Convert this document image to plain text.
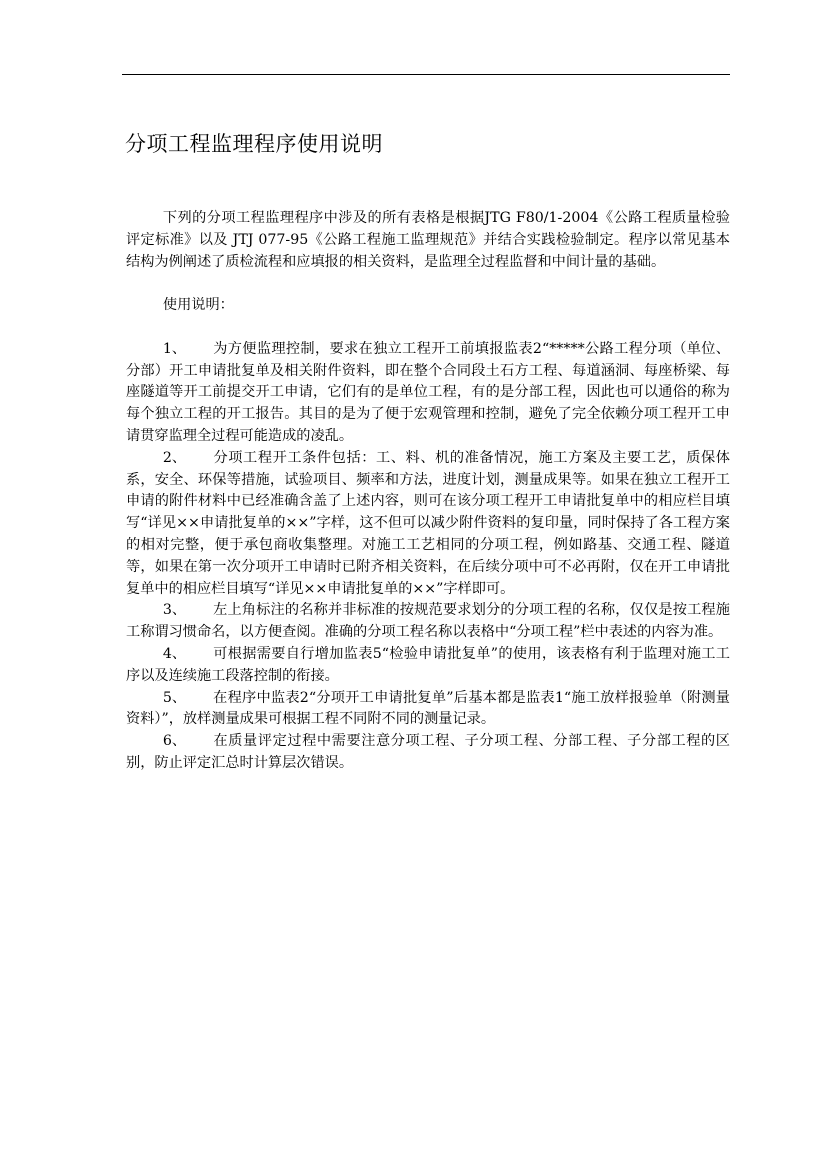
分项工程监理程序使用说明

下列的分项工程监理程序中涉及的所有表格是根据JTG F80/1-2004《公路工程质量检验评定标准》以及 JTJ 077-95《公路工程施工监理规范》并结合实践检验制定。程序以常见基本结构为例阐述了质检流程和应填报的相关资料，是监理全过程监督和中间计量的基础。

使用说明：

1、 为方便监理控制，要求在独立工程开工前填报监表2“*****公路工程分项（单位、分部）开工申请批复单及相关附件资料，即在整个合同段土石方工程、每道涵洞、每座桥梁、每座隧道等开工前提交开工申请，它们有的是单位工程，有的是分部工程，因此也可以通俗的称为每个独立工程的开工报告。其目的是为了便于宏观管理和控制，避免了完全依赖分项工程开工申请贯穿监理全过程可能造成的凌乱。

2、 分项工程开工条件包括：工、料、机的准备情况，施工方案及主要工艺，质保体系，安全、环保等措施，试验项目、频率和方法，进度计划，测量成果等。如果在独立工程开工申请的附件材料中已经准确含盖了上述内容，则可在该分项工程开工申请批复单中的相应栏目填写“详见××申请批复单的××”字样，这不但可以减少附件资料的复印量，同时保持了各工程方案的相对完整，便于承包商收集整理。对施工工艺相同的分项工程，例如路基、交通工程、隧道等，如果在第一次分项开工申请时已附齐相关资料，在后续分项中可不必再附，仅在开工申请批复单中的相应栏目填写“详见××申请批复单的××”字样即可。

3、 左上角标注的名称并非标准的按规范要求划分的分项工程的名称，仅仅是按工程施工称谓习惯命名，以方便查阅。准确的分项工程名称以表格中“分项工程”栏中表述的内容为准。

4、 可根据需要自行增加监表5“检验申请批复单”的使用，该表格有利于监理对施工工序以及连续施工段落控制的衔接。

5、 在程序中监表2“分项开工申请批复单”后基本都是监表1“施工放样报验单（附测量资料）”，放样测量成果可根据工程不同附不同的测量记录。

6、 在质量评定过程中需要注意分项工程、子分项工程、分部工程、子分部工程的区别，防止评定汇总时计算层次错误。
